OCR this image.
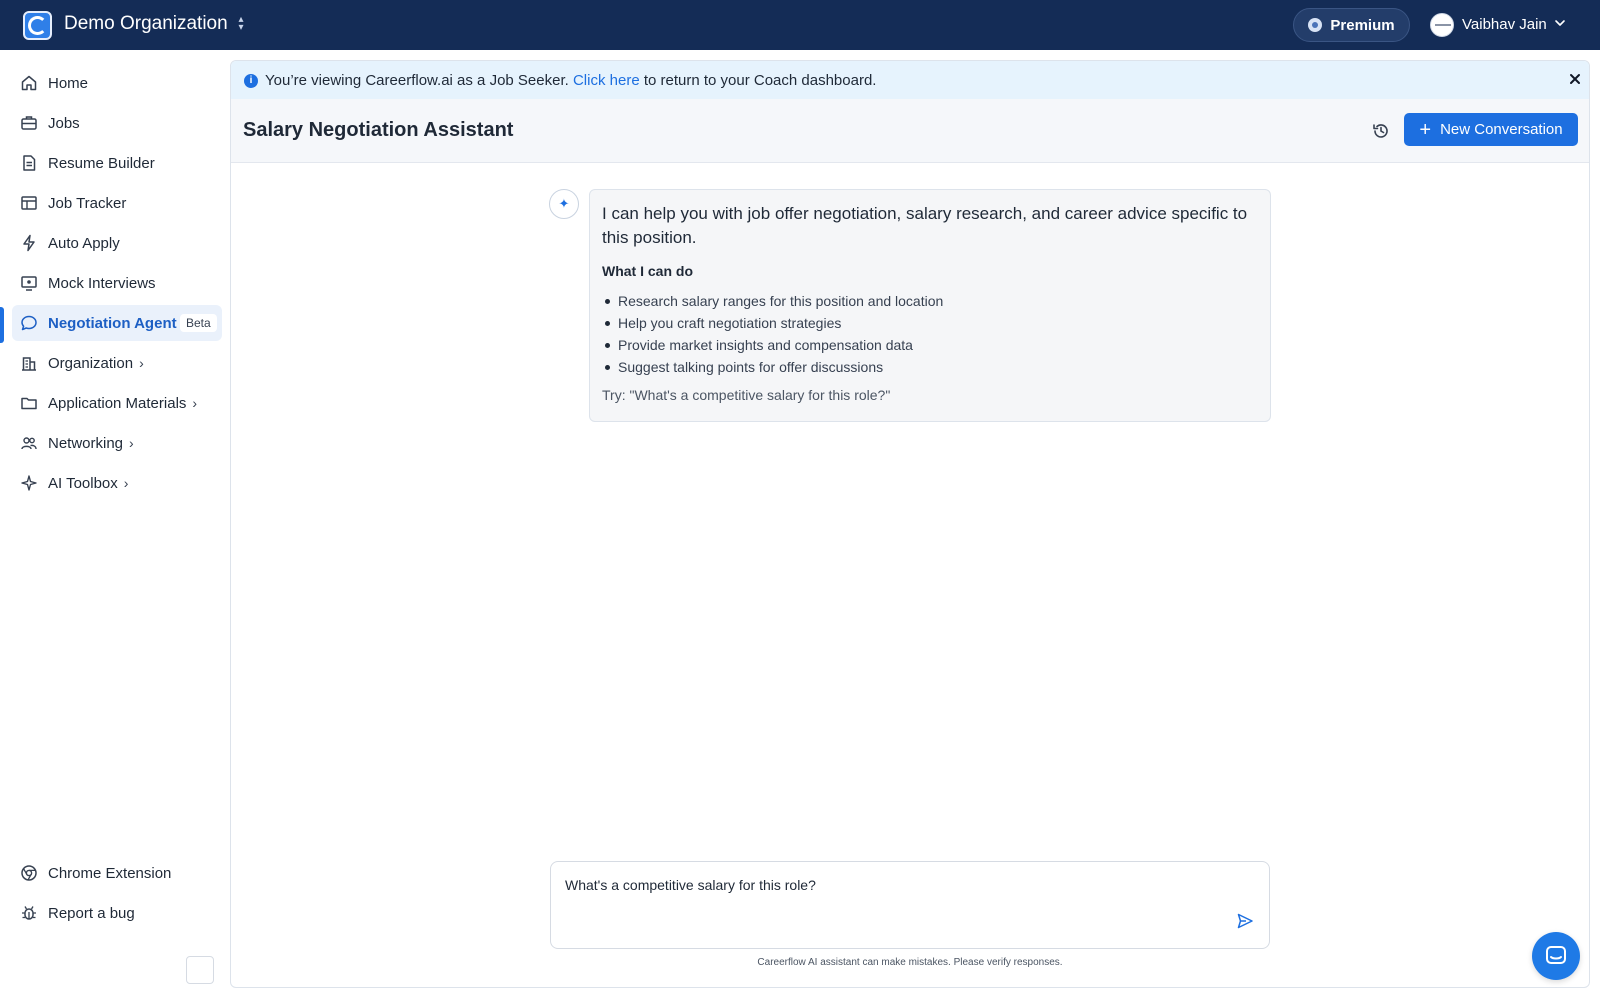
Demo Organization	▴
▾	Premium	Vaibhav Jain
Home
Jobs
Resume Builder
Job Tracker
Auto Apply
Mock Interviews
Negotiation Agent Beta
Organization ›
Application Materials ›
Networking ›
AI Toolbox ›
Chrome Extension
Report a bug
i You’re viewing Careerflow.ai as a Job Seeker. Click here to return to your Coach dashboard.
Salary Negotiation Assistant	+ New Conversation
✦
I can help you with job offer negotiation, salary research, and career advice specific to this position.
What I can do
Research salary ranges for this position and location
Help you craft negotiation strategies
Provide market insights and compensation data
Suggest talking points for offer discussions
Try: "What's a competitive salary for this role?"
What's a competitive salary for this role?
Careerflow AI assistant can make mistakes. Please verify responses.
